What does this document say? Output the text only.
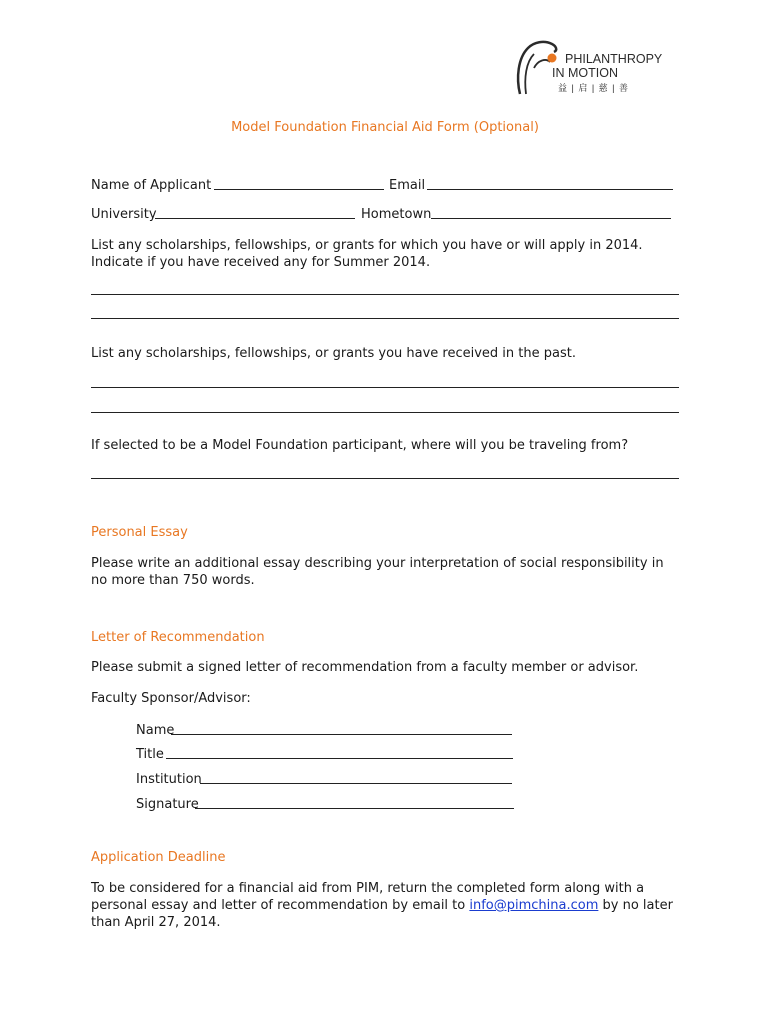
PHILANTHROPY
IN MOTION
益 | 启 | 慈 | 善
Model Foundation Financial Aid Form (Optional)
Name of Applicant	Email
University	Hometown
List any scholarships, fellowships, or grants for which you have or will apply in 2014. Indicate if you have received any for Summer 2014.
List any scholarships, fellowships, or grants you have received in the past.
If selected to be a Model Foundation participant, where will you be traveling from?
Personal Essay
Please write an additional essay describing your interpretation of social responsibility in no more than 750 words.
Letter of Recommendation
Please submit a signed letter of recommendation from a faculty member or advisor.
Faculty Sponsor/Advisor:
Name
Title
Institution
Signature
Application Deadline
To be considered for a financial aid from PIM, return the completed form along with a personal essay and letter of recommendation by email to info@pimchina.com by no later than April 27, 2014.
